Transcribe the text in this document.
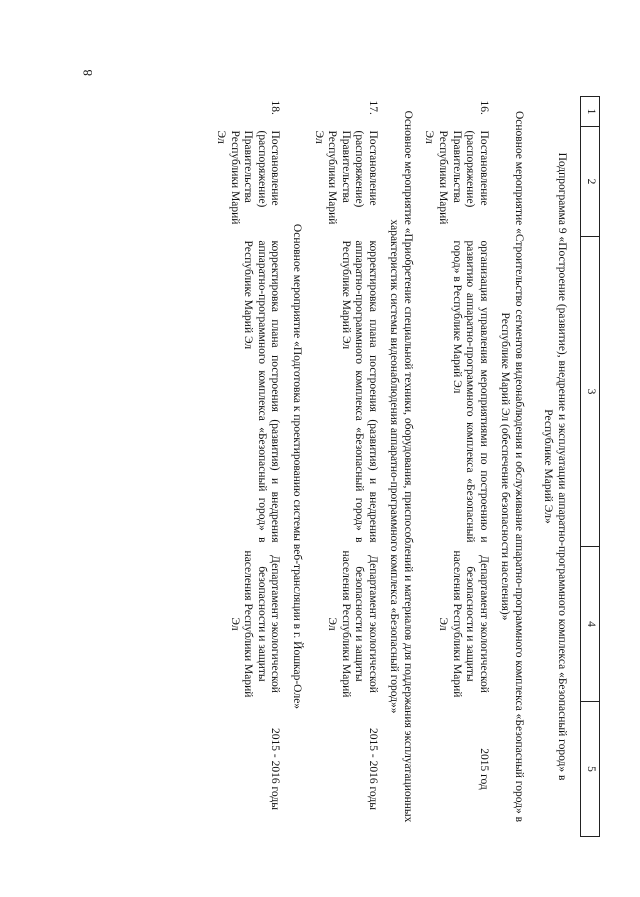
8
1	2	3	4	5
Подпрограмма 9 «Построение (развитие), внедрение и эксплуатации аппаратно-программного комплекса «Безопасный город» в Республике Марий Эл»				
Основное мероприятие «Строительство сегментов видеонаблюдения и обслуживание аппаратно-программного комплекса «Безопасный город» в Республике Марий Эл (обеспечение безопасности населения)»				
16.	Постановление (распоряжение) Правительства Республики Марий Эл	организация управления мероприятиями по построению и развитию аппаратно-программного комплекса «Безопасный город» в Республике Марий Эл	Департамент экологической безопасности и защиты населения Республики Марий Эл	2015 год
Основное мероприятие «Приобретение специальной техники, оборудования, приспособлений и материалов для поддержания эксплуатационных характеристик системы видеонаблюдения аппаратно-программного комплекса «Безопасный город»»				
17.	Постановление (распоряжение) Правительства Республики Марий Эл	корректировка плана построения (развития) и внедрения аппаратно-программного комплекса «Безопасный город» в Республике Марий Эл	Департамент экологической безопасности и защиты населения Республики Марий Эл	2015 - 2016 годы
Основное мероприятие «Подготовка к проектированию системы веб-трансляции в г. Йошкар-Оле»				
18.	Постановление (распоряжение) Правительства Республики Марий Эл	корректировка плана построения (развития) и внедрения аппаратно-программного комплекса «Безопасный город» в Республике Марий Эл	Департамент экологической безопасности и защиты населения Республики Марий Эл	2015 - 2016 годы
